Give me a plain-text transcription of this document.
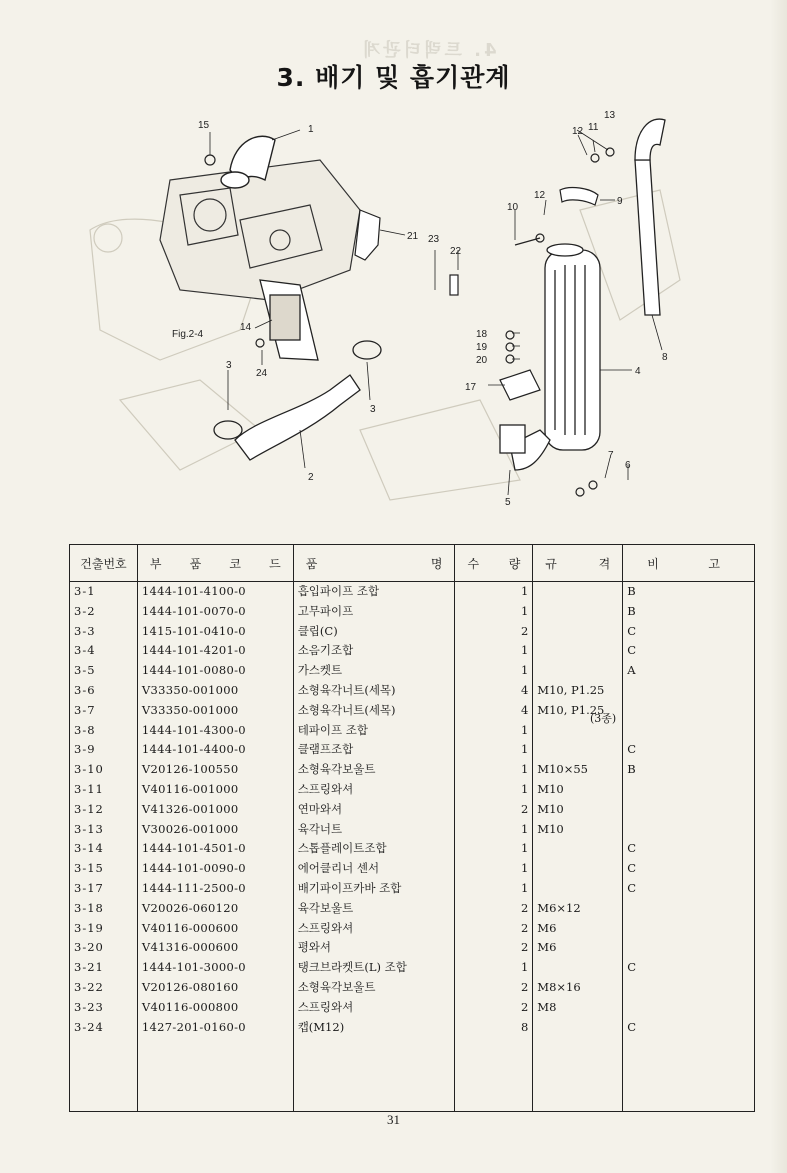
4. 트랙터관계
3. 배기 및 흡기관계
Fig.2-4
1
2
3
3
4
5
6
7
8
9
10
11
12
12
13
14
15
17
18
19
20
21
22
23
24
건출번호	부 품 코 드	품 명	수 량	규 격	비 고

3-1	1444-101-4100-0	흡입파이프 조합	1		B
3-2	1444-101-0070-0	고무파이프	1		B
3-3	1415-101-0410-0	클립(C)	2		C
3-4	1444-101-4201-0	소음기조합	1		C
3-5	1444-101-0080-0	가스켓트	1		A
3-6	V33350-001000	소형육각너트(세목)	4	M10, P1.25	
3-7	V33350-001000	소형육각너트(세목)	4	M10, P1.25
(3종)	

3-8	1444-101-4300-0	테파이프 조합	1		
3-9	1444-101-4400-0	클램프조합	1		C
3-10	V20126-100550	소형육각보울트	1	M10×55	B
3-11	V40116-001000	스프링와셔	1	M10	
3-12	V41326-001000	연마와셔	2	M10	
3-13	V30026-001000	육각너트	1	M10	
3-14	1444-101-4501-0	스톱플레이트조합	1		C
3-15	1444-101-0090-0	에어클리너 센서	1		C
3-17	1444-111-2500-0	배기파이프카바 조합	1		C
3-18	V20026-060120	육각보울트	2	M6×12	
3-19	V40116-000600	스프링와셔	2	M6	
3-20	V41316-000600	평와셔	2	M6	
3-21	1444-101-3000-0	탱크브라켓트(L) 조합	1		C
3-22	V20126-080160	소형육각보울트	2	M8×16	
3-23	V40116-000800	스프링와셔	2	M8	
3-24	1427-201-0160-0	캡(M12)	8		C

31
